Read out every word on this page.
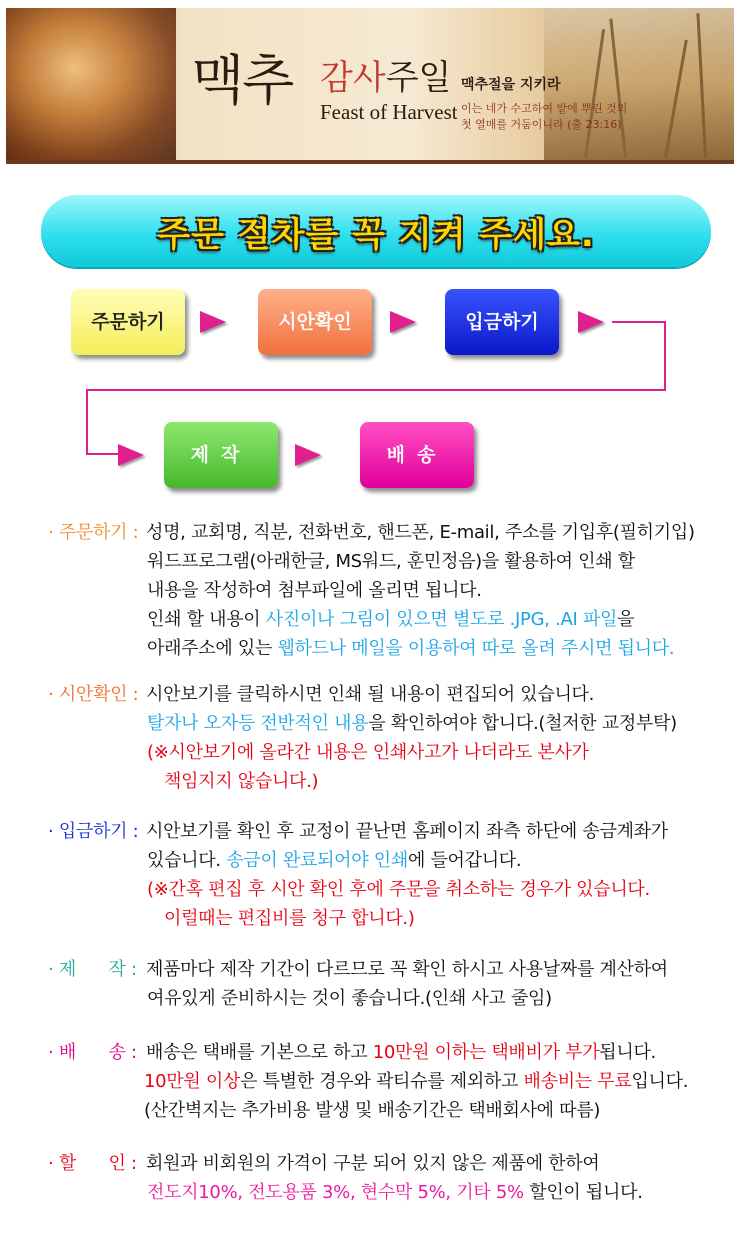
맥추 감사주일
Feast of Harvest
맥추절을 지키라
이는 네가 수고하여 밭에 뿌린 것의
첫 열매를 거둠이니라 (출 23:16)
주문 절차를 꼭 지켜 주세요.
주문하기	시안확인	입금하기
제작	배송
· 주문하기 : 성명, 교회명, 직분, 전화번호, 핸드폰, E-mail, 주소를 기입후(필히기입)
워드프로그램(아래한글, MS워드, 훈민정음)을 활용하여 인쇄 할
내용을 작성하여 첨부파일에 올리면 됩니다.
인쇄 할 내용이 사진이나 그림이 있으면 별도로 .JPG, .AI 파일을
아래주소에 있는 웹하드나 메일을 이용하여 따로 올려 주시면 됩니다.
· 시안확인 : 시안보기를 클릭하시면 인쇄 될 내용이 편집되어 있습니다.
탈자나 오자등 전반적인 내용을 확인하여야 합니다.(철저한 교정부탁)
(※시안보기에 올라간 내용은 인쇄사고가 나더라도 본사가
책임지지 않습니다.)
· 입금하기 : 시안보기를 확인 후 교정이 끝난면 홈페이지 좌측 하단에 송금계좌가
있습니다. 송금이 완료되어야 인쇄에 들어갑니다.
(※간혹 편집 후 시안 확인 후에 주문을 취소하는 경우가 있습니다.
이럴때는 편집비를 청구 합니다.)
· 제      작 : 제품마다 제작 기간이 다르므로 꼭 확인 하시고 사용날짜를 계산하여
여유있게 준비하시는 것이 좋습니다.(인쇄 사고 줄임)
· 배      송 : 배송은 택배를 기본으로 하고 10만원 이하는 택배비가 부가됩니다.
10만원 이상은 특별한 경우와 곽티슈를 제외하고 배송비는 무료입니다.
(산간벽지는 추가비용 발생 및 배송기간은 택배회사에 따름)
· 할      인 : 회원과 비회원의 가격이 구분 되어 있지 않은 제품에 한하여
전도지10%, 전도용품 3%, 현수막 5%, 기타 5% 할인이 됩니다.
